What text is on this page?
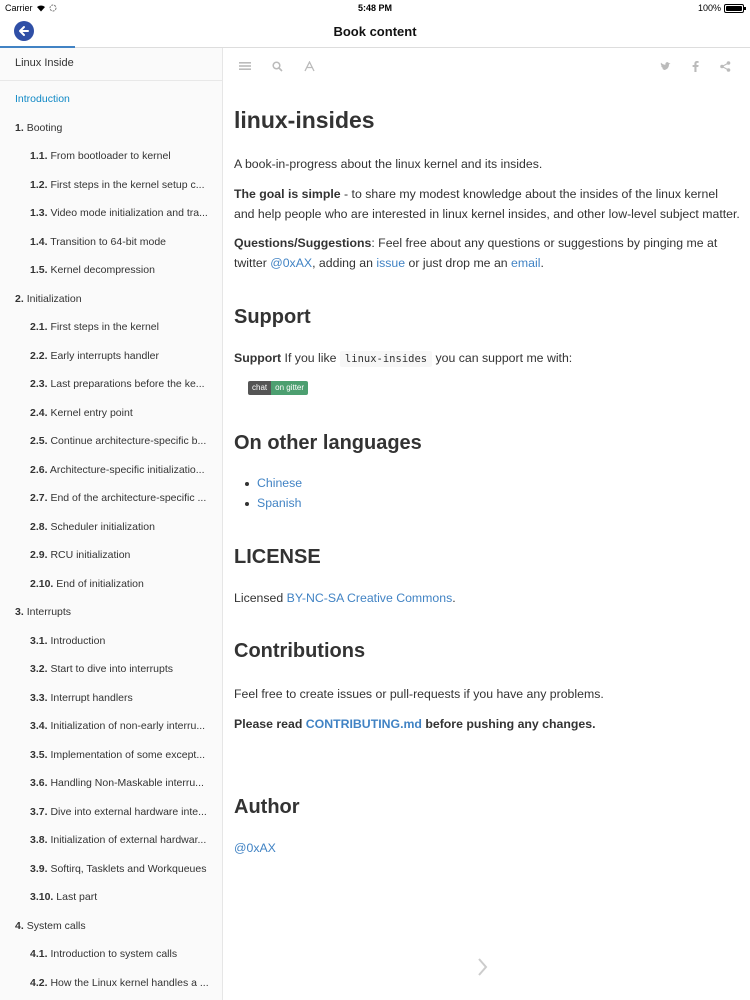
Carrier	5:48 PM	100%
Book content
Linux Inside
Introduction
1. Booting
1.1. From bootloader to kernel
1.2. First steps in the kernel setup c...
1.3. Video mode initialization and tra...
1.4. Transition to 64-bit mode
1.5. Kernel decompression
2. Initialization
2.1. First steps in the kernel
2.2. Early interrupts handler
2.3. Last preparations before the ke...
2.4. Kernel entry point
2.5. Continue architecture-specific b...
2.6. Architecture-specific initializatio...
2.7. End of the architecture-specific ...
2.8. Scheduler initialization
2.9. RCU initialization
2.10. End of initialization
3. Interrupts
3.1. Introduction
3.2. Start to dive into interrupts
3.3. Interrupt handlers
3.4. Initialization of non-early interru...
3.5. Implementation of some except...
3.6. Handling Non-Maskable interru...
3.7. Dive into external hardware inte...
3.8. Initialization of external hardwar...
3.9. Softirq, Tasklets and Workqueues
3.10. Last part
4. System calls
4.1. Introduction to system calls
4.2. How the Linux kernel handles a ...
linux-insides

A book-in-progress about the linux kernel and its insides.

The goal is simple - to share my modest knowledge about the insides of the linux kernel and help people who are interested in linux kernel insides, and other low-level subject matter.

Questions/Suggestions: Feel free about any questions or suggestions by pinging me at twitter @0xAX, adding an issue or just drop me an email.

Support

Support If you like linux-insides you can support me with:

chat	on gitter
On other languages
Chinese
Spanish
LICENSE

Licensed BY-NC-SA Creative Commons.

Contributions

Feel free to create issues or pull-requests if you have any problems.

Please read CONTRIBUTING.md before pushing any changes.

Author

@0xAX
